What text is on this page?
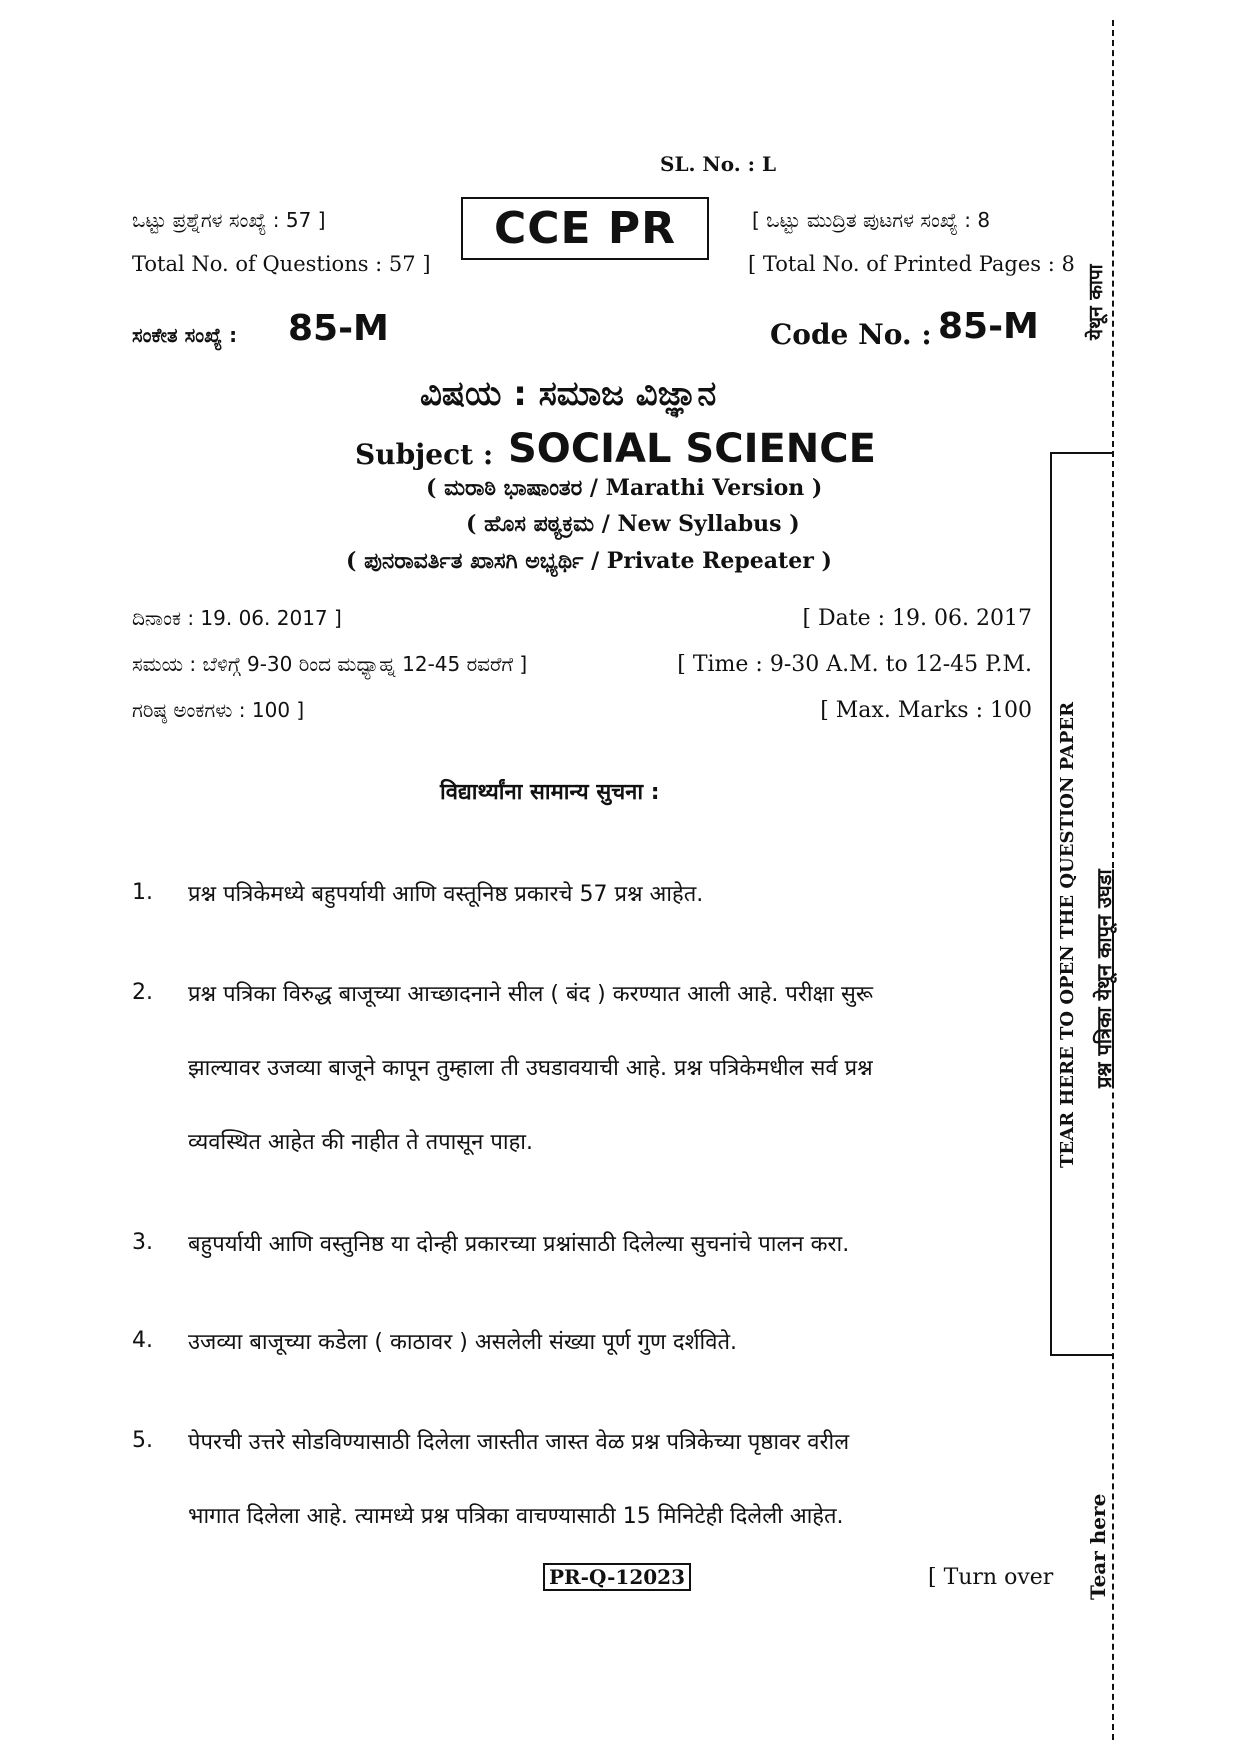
SL. No. : L
ಒಟ್ಟು ಪ್ರಶ್ನೆಗಳ ಸಂಖ್ಯೆ : 57 ]
Total No. of Questions : 57 ]
CCE PR	[ ಒಟ್ಟು ಮುದ್ರಿತ ಪುಟಗಳ ಸಂಖ್ಯೆ : 8
[ Total No. of Printed Pages : 8
ಸಂಕೇತ ಸಂಖ್ಯೆ : 85-M	Code No. : 85-M
ವಿಷಯ : ಸಮಾಜ ವಿಜ್ಞಾನ
Subject : SOCIAL SCIENCE
( ಮರಾಠಿ ಭಾಷಾಂತರ / Marathi Version )
( ಹೊಸ ಪಠ್ಯಕ್ರಮ / New Syllabus )
( ಪುನರಾವರ್ತಿತ ಖಾಸಗಿ ಅಭ್ಯರ್ಥಿ / Private Repeater )
ದಿನಾಂಕ : 19. 06. 2017 ]	[ Date : 19. 06. 2017
ಸಮಯ : ಬೆಳಿಗ್ಗೆ 9-30 ರಿಂದ ಮಧ್ಯಾಹ್ನ 12-45 ರವರೆಗೆ ]	[ Time : 9-30 A.M. to 12-45 P.M.
ಗರಿಷ್ಠ ಅಂಕಗಳು : 100 ]	[ Max. Marks : 100
विद्यार्थ्यांना सामान्य सुचना :
1. प्रश्न पत्रिकेमध्ये बहुपर्यायी आणि वस्तूनिष्ठ प्रकारचे 57 प्रश्न आहेत.
2. प्रश्न पत्रिका विरुद्ध बाजूच्या आच्छादनाने सील ( बंद ) करण्यात आली आहे. परीक्षा सुरू
झाल्यावर उजव्या बाजूने कापून तुम्हाला ती उघडावयाची आहे. प्रश्न पत्रिकेमधील सर्व प्रश्न
व्यवस्थित आहेत की नाहीत ते तपासून पाहा.
3. बहुपर्यायी आणि वस्तुनिष्ठ या दोन्ही प्रकारच्या प्रश्नांसाठी दिलेल्या सुचनांचे पालन करा.
4. उजव्या बाजूच्या कडेला ( काठावर ) असलेली संख्या पूर्ण गुण दर्शविते.
5. पेपरची उत्तरे सोडविण्यासाठी दिलेला जास्तीत जास्त वेळ प्रश्न पत्रिकेच्या पृष्ठावर वरील
भागात दिलेला आहे. त्यामध्ये प्रश्न पत्रिका वाचण्यासाठी 15 मिनिटेही दिलेली आहेत.
PR-Q-12023	[ Turn over
येथून कापा
TEAR HERE TO OPEN THE QUESTION PAPER प्रश्न पत्रिका येथून कापून उघडा
Tear here
